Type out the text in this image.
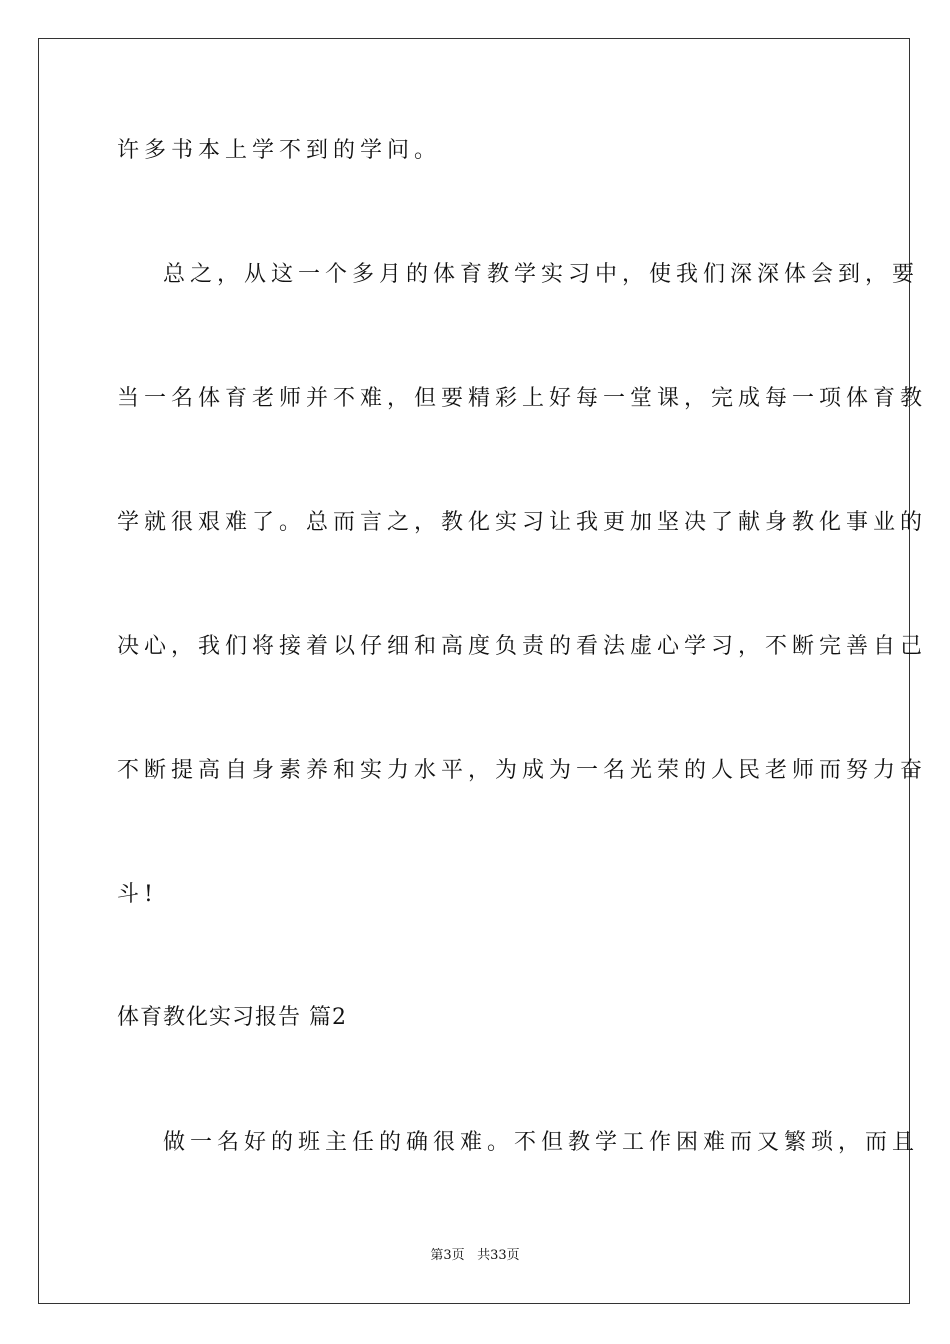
许多书本上学不到的学问。
总之，从这一个多月的体育教学实习中，使我们深深体会到，要
当一名体育老师并不难，但要精彩上好每一堂课，完成每一项体育教
学就很艰难了。总而言之，教化实习让我更加坚决了献身教化事业的
决心，我们将接着以仔细和高度负责的看法虚心学习，不断完善自己
不断提高自身素养和实力水平，为成为一名光荣的人民老师而努力奋
斗!
体育教化实习报告 篇2
做一名好的班主任的确很难。不但教学工作困难而又繁琐，而且
第3页 共33页
